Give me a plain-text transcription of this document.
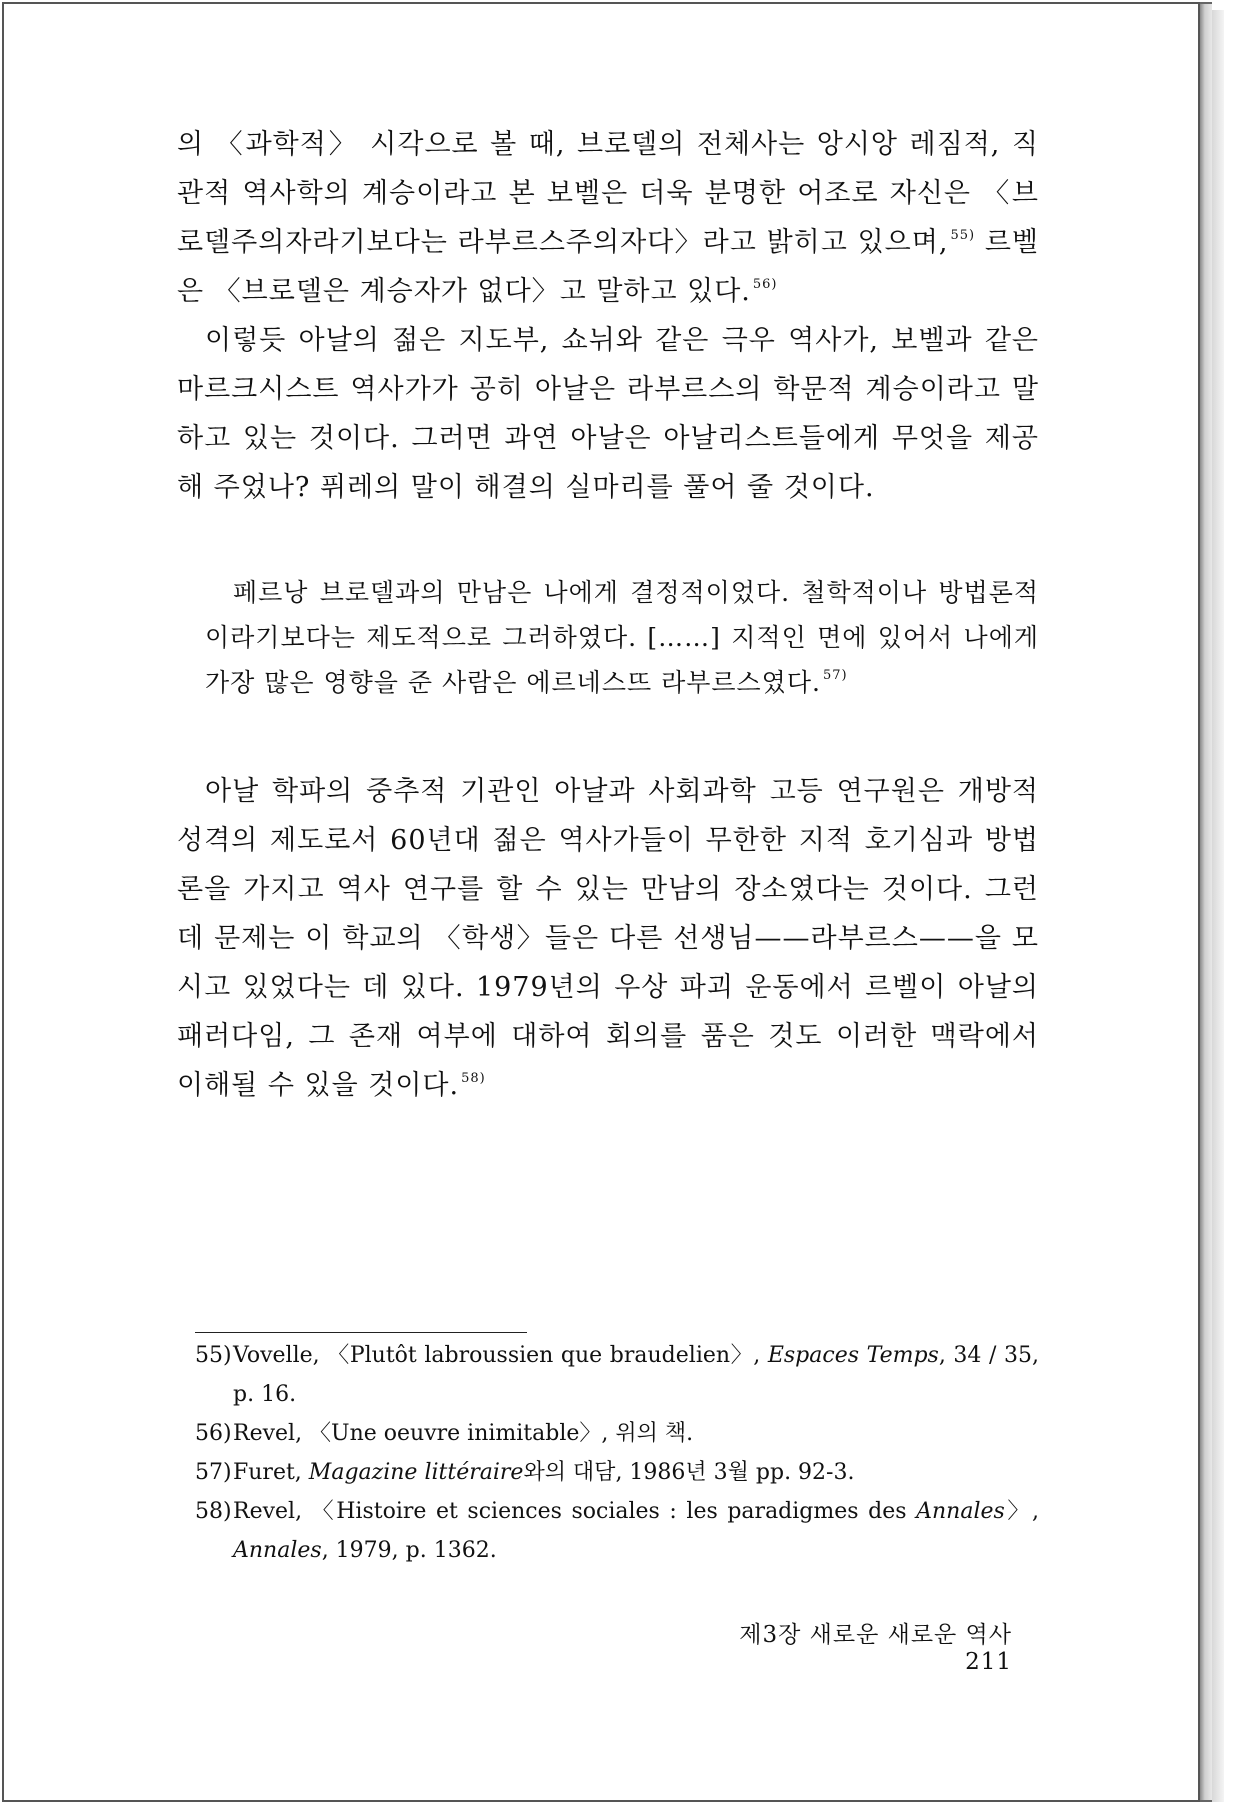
의 〈과학적〉 시각으로 볼 때, 브로델의 전체사는 앙시앙 레짐적, 직관적 역사학의 계승이라고 본 보벨은 더욱 분명한 어조로 자신은 〈브로델주의자라기보다는 라부르스주의자다〉라고 밝히고 있으며, $^{55)}$ 르벨은 〈브로델은 계승자가 없다〉고 말하고 있다. $^{56)}$

이렇듯 아날의 젊은 지도부, 쇼뉘와 같은 극우 역사가, 보벨과 같은 마르크시스트 역사가가 공히 아날은 라부르스의 학문적 계승이라고 말하고 있는 것이다. 그러면 과연 아날은 아날리스트들에게 무엇을 제공해 주었나? 퓌레의 말이 해결의 실마리를 풀어 줄 것이다.

페르낭 브로델과의 만남은 나에게 결정적이었다. 철학적이나 방법론적이라기보다는 제도적으로 그러하였다. [……] 지적인 면에 있어서 나에게 가장 많은 영향을 준 사람은 에르네스뜨 라부르스였다. $^{57)}$

아날 학파의 중추적 기관인 아날과 사회과학 고등 연구원은 개방적 성격의 제도로서 60년대 젊은 역사가들이 무한한 지적 호기심과 방법론을 가지고 역사 연구를 할 수 있는 만남의 장소였다는 것이다. 그런데 문제는 이 학교의 〈학생〉들은 다른 선생님——라부르스——을 모시고 있었다는 데 있다. 1979년의 우상 파괴 운동에서 르벨이 아날의 패러다임, 그 존재 여부에 대하여 회의를 품은 것도 이러한 맥락에서 이해될 수 있을 것이다. $^{58)}$

55) Vovelle, 〈Plutôt labroussien que braudelien〉, Espaces Temps, 34 / 35, p. 16.

56) Revel, 〈Une oeuvre inimitable〉, 위의 책.

57) Furet, Magazine littéraire와의 대담, 1986년 3월 pp. 92-3.

58) Revel, 〈Histoire et sciences sociales : les paradigmes des Annales〉, Annales, 1979, p. 1362.

제3장 새로운 새로운 역사 211
